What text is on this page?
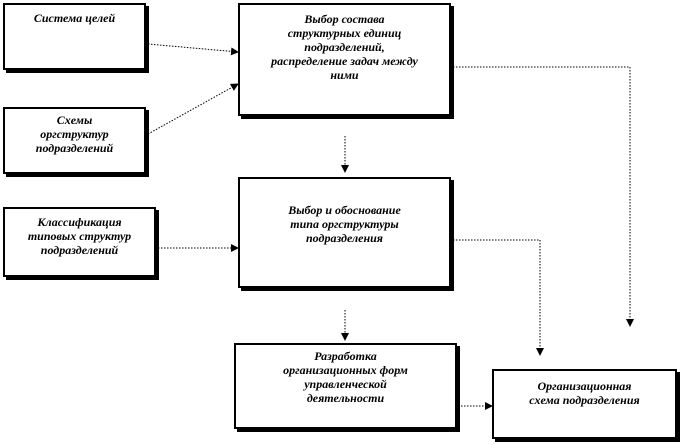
Система целей

Схемы
оргструктур
подразделений

Классификация
типовых структур
подразделений

Выбор состава
структурных единиц
подразделений,
распределение задач между
ними

Выбор и обоснование
типа оргструктуры
подразделения

Разработка
организационных форм
управленческой
деятельности

Организационная
схема подразделения
